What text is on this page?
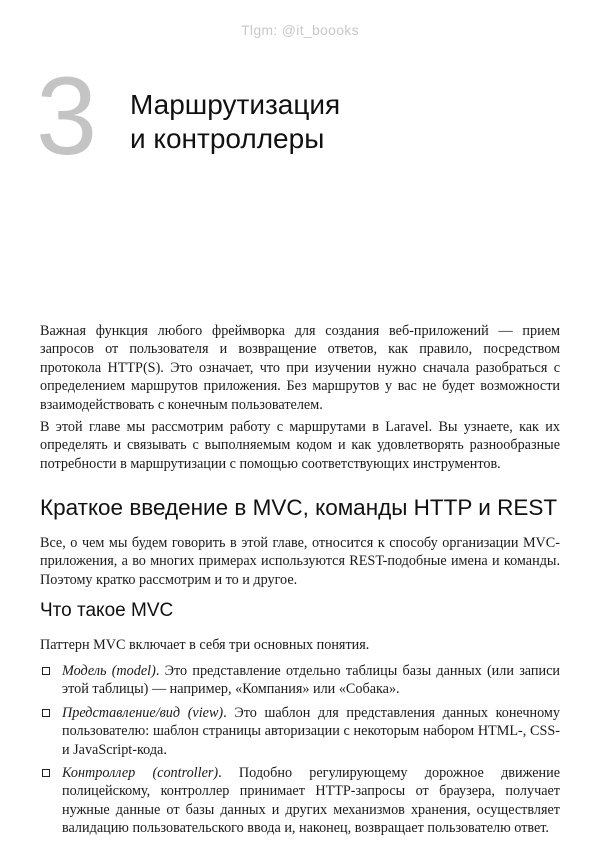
Tlgm: @it_boooks
3 Маршрутизация
и контроллеры

Важная функция любого фреймворка для создания веб-приложений — прием запросов от пользователя и возвращение ответов, как правило, посредством протокола HTTP(S). Это означает, что при изучении нужно сначала разобраться с определением маршрутов приложения. Без маршрутов у вас не будет возможности взаимодействовать с конечным пользователем.

В этой главе мы рассмотрим работу с маршрутами в Laravel. Вы узнаете, как их определять и связывать с выполняемым кодом и как удовлетворять разнообразные потребности в маршрутизации с помощью соответствующих инструментов.

Краткое введение в MVC, команды HTTP и REST

Все, о чем мы будем говорить в этой главе, относится к способу организации MVC-приложения, а во многих примерах используются REST-подобные имена и команды. Поэтому кратко рассмотрим и то и другое.

Что такое MVC

Паттерн MVC включает в себя три основных понятия.

Модель (model). Это представление отдельно таблицы базы данных (или записи этой таблицы) — например, «Компания» или «Собака».
Представление/вид (view). Это шаблон для представления данных конечному пользователю: шаблон страницы авторизации с некоторым набором HTML-, CSS- и JavaScript-кода.
Контроллер (controller). Подобно регулирующему дорожное движение полицейскому, контроллер принимает HTTP-запросы от браузера, получает нужные данные от базы данных и других механизмов хранения, осуществляет валидацию пользовательского ввода и, наконец, возвращает пользователю ответ.
